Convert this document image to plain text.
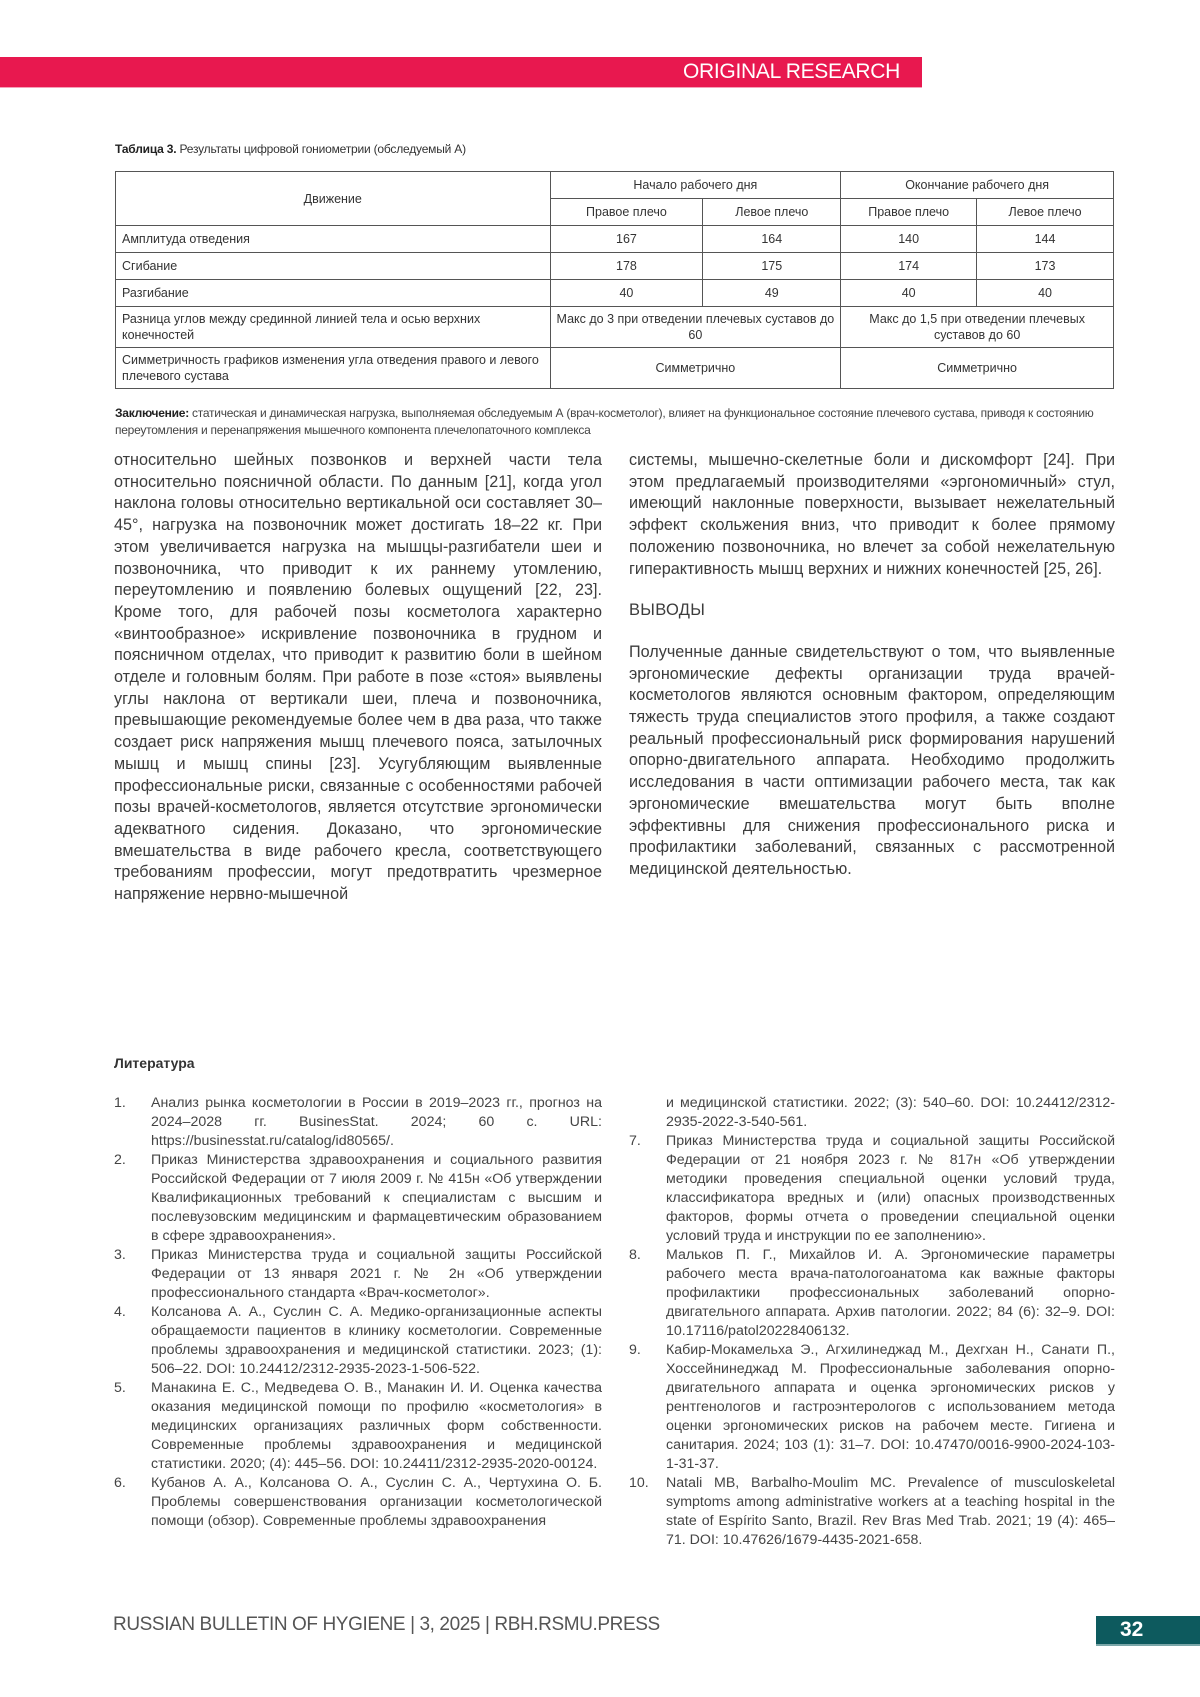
ORIGINAL RESEARCH
Таблица 3. Результаты цифровой гониометрии (обследуемый А)
Движение	Начало рабочего дня		Окончание рабочего дня	
	Правое плечо	Левое плечо	Правое плечо	Левое плечо
Амплитуда отведения	167	164	140	144
Сгибание	178	175	174	173
Разгибание	40	49	40	40
Разница углов между срединной линией тела и осью верхних конечностей	Макс до 3 при отведении плечевых суставов до 60		Макс до 1,5 при отведении плечевых суставов до 60	
Симметричность графиков изменения угла отведения правого и левого плечевого сустава	Симметрично		Симметрично	
Заключение: статическая и динамическая нагрузка, выполняемая обследуемым А (врач-косметолог), влияет на функциональное состояние плечевого сустава, приводя к состоянию переутомления и перенапряжения мышечного компонента плечелопаточного комплекса

относительно шейных позвонков и верхней части тела относительно поясничной области. По данным [21], когда угол наклона головы относительно вертикальной оси составляет 30–45°, нагрузка на позвоночник может достигать 18–22 кг. При этом увеличивается нагрузка на мышцы-разгибатели шеи и позвоночника, что приводит к их раннему утомлению, переутомлению и появлению болевых ощущений [22, 23]. Кроме того, для рабочей позы косметолога характерно «винтообразное» искривление позвоночника в грудном и поясничном отделах, что приводит к развитию боли в шейном отделе и головным болям. При работе в позе «стоя» выявлены углы наклона от вертикали шеи, плеча и позвоночника, превышающие рекомендуемые более чем в два раза, что также создает риск напряжения мышц плечевого пояса, затылочных мышц и мышц спины [23]. Усугубляющим выявленные профессиональные риски, связанные с особенностями рабочей позы врачей-косметологов, является отсутствие эргономически адекватного сидения. Доказано, что эргономические вмешательства в виде рабочего кресла, соответствующего требованиям профессии, могут предотвратить чрезмерное напряжение нервно-мышечной

системы, мышечно-скелетные боли и дискомфорт [24]. При этом предлагаемый производителями «эргономичный» стул, имеющий наклонные поверхности, вызывает нежелательный эффект скольжения вниз, что приводит к более прямому положению позвоночника, но влечет за собой нежелательную гиперактивность мышц верхних и нижних конечностей [25, 26].

ВЫВОДЫ

Полученные данные свидетельствуют о том, что выявленные эргономические дефекты организации труда врачей-косметологов являются основным фактором, определяющим тяжесть труда специалистов этого профиля, а также создают реальный профессиональный риск формирования нарушений опорно-двигательного аппарата. Необходимо продолжить исследования в части оптимизации рабочего места, так как эргономические вмешательства могут быть вполне эффективны для снижения профессионального риска и профилактики заболеваний, связанных с рассмотренной медицинской деятельностью.

Литература
1. Анализ рынка косметологии в России в 2019–2023 гг., прогноз на 2024–2028 гг. BusinesStat. 2024; 60 с. URL: https://businesstat.ru/catalog/id80565/.
2. Приказ Министерства здравоохранения и социального развития Российской Федерации от 7 июля 2009 г. № 415н «Об утверждении Квалификационных требований к специалистам с высшим и послевузовским медицинским и фармацевтическим образованием в сфере здравоохранения».
3. Приказ Министерства труда и социальной защиты Российской Федерации от 13 января 2021 г. № 2н «Об утверждении профессионального стандарта «Врач-косметолог».
4. Колсанова А. А., Суслин С. А. Медико-организационные аспекты обращаемости пациентов в клинику косметологии. Современные проблемы здравоохранения и медицинской статистики. 2023; (1): 506–22. DOI: 10.24412/2312-2935-2023-1-506-522.
5. Манакина Е. С., Медведева О. В., Манакин И. И. Оценка качества оказания медицинской помощи по профилю «косметология» в медицинских организациях различных форм собственности. Современные проблемы здравоохранения и медицинской статистики. 2020; (4): 445–56. DOI: 10.24411/2312-2935-2020-00124.
6. Кубанов А. А., Колсанова О. А., Суслин С. А., Чертухина О. Б. Проблемы совершенствования организации косметологической помощи (обзор). Современные проблемы здравоохранения
и медицинской статистики. 2022; (3): 540–60. DOI: 10.24412/2312-2935-2022-3-540-561.
7. Приказ Министерства труда и социальной защиты Российской Федерации от 21 ноября 2023 г. № 817н «Об утверждении методики проведения специальной оценки условий труда, классификатора вредных и (или) опасных производственных факторов, формы отчета о проведении специальной оценки условий труда и инструкции по ее заполнению».
8. Мальков П. Г., Михайлов И. А. Эргономические параметры рабочего места врача-патологоанатома как важные факторы профилактики профессиональных заболеваний опорно-двигательного аппарата. Архив патологии. 2022; 84 (6): 32–9. DOI: 10.17116/patol20228406132.
9. Кабир-Мокамельха Э., Агхилинеджад М., Дехгхан Н., Санати П., Хоссейнинеджад М. Профессиональные заболевания опорно-двигательного аппарата и оценка эргономических рисков у рентгенологов и гастроэнтерологов с использованием метода оценки эргономических рисков на рабочем месте. Гигиена и санитария. 2024; 103 (1): 31–7. DOI: 10.47470/0016-9900-2024-103-1-31-37.
10. Natali MB, Barbalho-Moulim MC. Prevalence of musculoskeletal symptoms among administrative workers at a teaching hospital in the state of Espírito Santo, Brazil. Rev Bras Med Trab. 2021; 19 (4): 465–71. DOI: 10.47626/1679-4435-2021-658.
RUSSIAN BULLETIN OF HYGIENE | 3, 2025 | RBH.RSMU.PRESS	32
